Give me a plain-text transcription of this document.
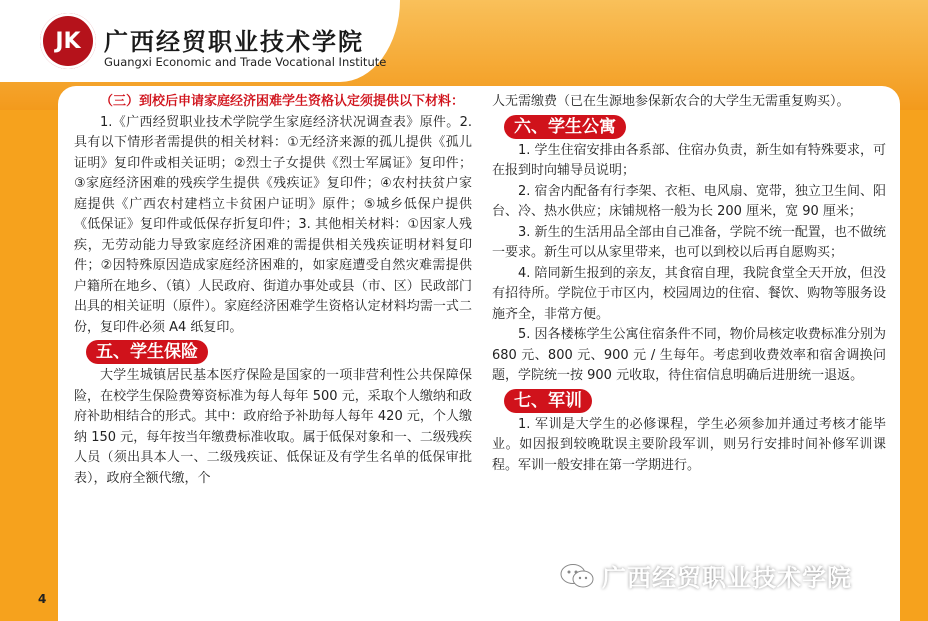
JK 广西经贸职业技术学院
Guangxi Economic and Trade Vocational Institute

（三）到校后申请家庭经济困难学生资格认定须提供以下材料：

1.《广西经贸职业技术学院学生家庭经济状况调查表》原件。2. 具有以下情形者需提供的相关材料：①无经济来源的孤儿提供《孤儿证明》复印件或相关证明；②烈士子女提供《烈士军属证》复印件；③家庭经济困难的残疾学生提供《残疾证》复印件；④农村扶贫户家庭提供《广西农村建档立卡贫困户证明》原件；⑤城乡低保户提供《低保证》复印件或低保存折复印件；3. 其他相关材料：①因家人残疾，无劳动能力导致家庭经济困难的需提供相关残疾证明材料复印件；②因特殊原因造成家庭经济困难的，如家庭遭受自然灾难需提供户籍所在地乡、（镇）人民政府、街道办事处或县（市、区）民政部门出具的相关证明（原件）。家庭经济困难学生资格认定材料均需一式二份，复印件必须 A4 纸复印。

五、学生保险

大学生城镇居民基本医疗保险是国家的一项非营利性公共保障保险，在校学生保险费筹资标准为每人每年 500 元，采取个人缴纳和政府补助相结合的形式。其中：政府给予补助每人每年 420 元，个人缴纳 150 元，每年按当年缴费标准收取。属于低保对象和一、二级残疾人员（须出具本人一、二级残疾证、低保证及有学生名单的低保审批表），政府全额代缴，个

人无需缴费（已在生源地参保新农合的大学生无需重复购买）。

六、学生公寓

1. 学生住宿安排由各系部、住宿办负责，新生如有特殊要求，可在报到时向辅导员说明；

2. 宿舍内配备有行李架、衣柜、电风扇、宽带，独立卫生间、阳台、冷、热水供应；床铺规格一般为长 200 厘米，宽 90 厘米；

3. 新生的生活用品全部由自己准备，学院不统一配置，也不做统一要求。新生可以从家里带来，也可以到校以后再自愿购买；

4. 陪同新生报到的亲友，其食宿自理，我院食堂全天开放，但没有招待所。学院位于市区内，校园周边的住宿、餐饮、购物等服务设施齐全，非常方便。

5. 因各楼栋学生公寓住宿条件不同，物价局核定收费标准分别为 680 元、800 元、900 元 / 生每年。考虑到收费效率和宿舍调换问题，学院统一按 900 元收取，待住宿信息明确后进册统一退返。

七、军训

1. 军训是大学生的必修课程，学生必须参加并通过考核才能毕业。如因报到较晚耽误主要阶段军训，则另行安排时间补修军训课程。军训一般安排在第一学期进行。

4
广西经贸职业技术学院
